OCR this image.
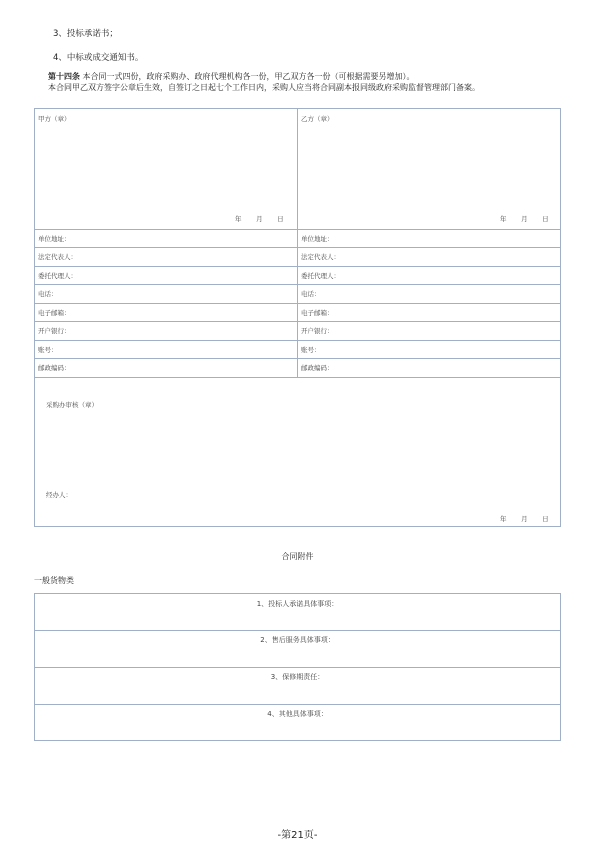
3、投标承诺书；
4、中标或成交通知书。
第十四条 本合同一式四份，政府采购办、政府代理机构各一份，甲乙双方各一份（可根据需要另增加）。
本合同甲乙双方签字公章后生效，自签订之日起七个工作日内，采购人应当将合同副本报同级政府采购监督管理部门备案。
甲方（章）	乙方（章）
年　 月　 日	年　 月　 日
单位地址：	单位地址：
法定代表人：	法定代表人：
委托代理人：	委托代理人：
电话：	电话：
电子邮箱：	电子邮箱：
开户银行：	开户银行：
账号：	账号：
邮政编码：	邮政编码：
采购办审核（章）
经办人：
年　 月　 日
合同附件
一般货物类
1、投标人承诺具体事项：
2、售后服务具体事项：
3、保修期责任：
4、其他具体事项：
-第21页-
